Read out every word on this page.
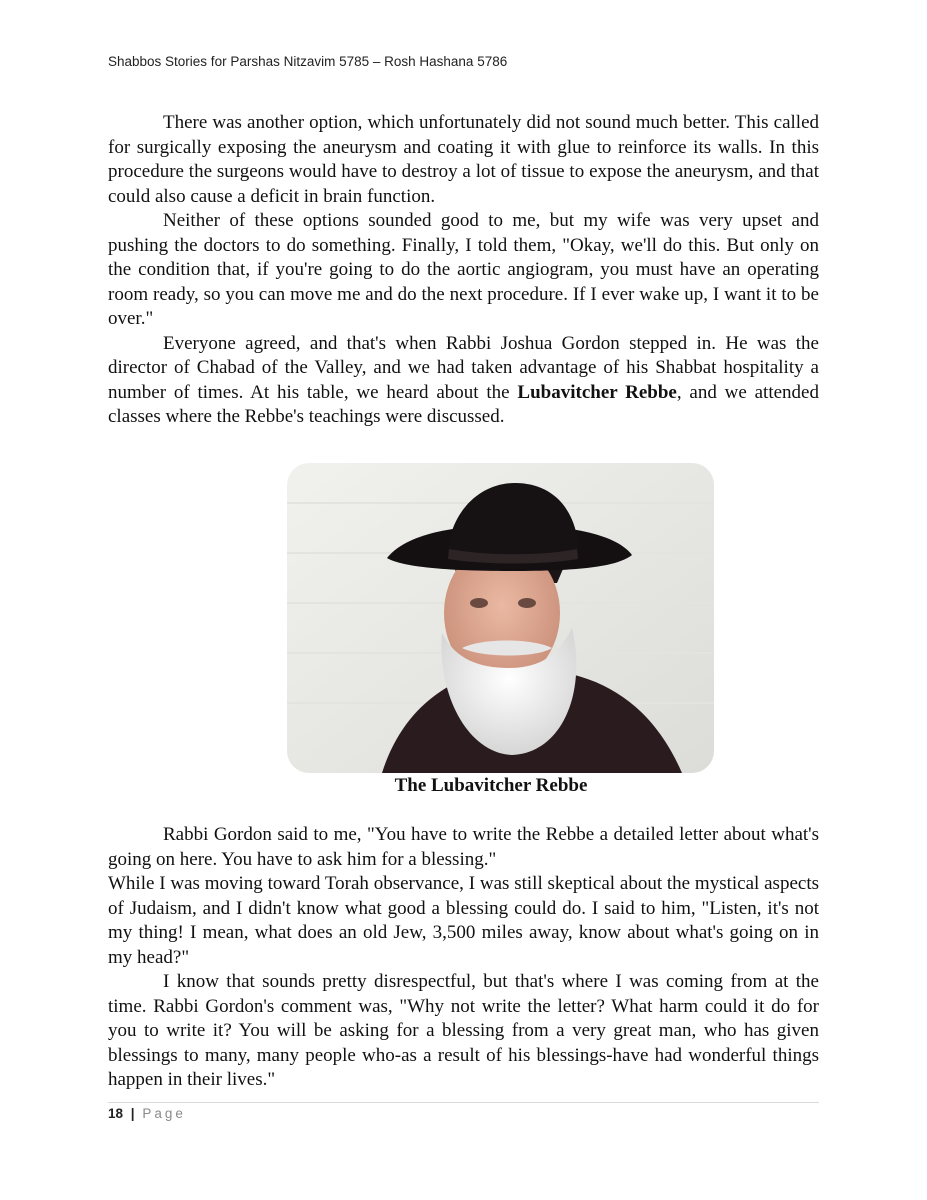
Shabbos Stories for Parshas Nitzavim 5785 – Rosh Hashana 5786

There was another option, which unfortunately did not sound much better. This called for surgically exposing the aneurysm and coating it with glue to reinforce its walls. In this procedure the surgeons would have to destroy a lot of tissue to expose the aneurysm, and that could also cause a deficit in brain function.

Neither of these options sounded good to me, but my wife was very upset and pushing the doctors to do something. Finally, I told them, "Okay, we'll do this. But only on the condition that, if you're going to do the aortic angiogram, you must have an operating room ready, so you can move me and do the next procedure. If I ever wake up, I want it to be over."

Everyone agreed, and that's when Rabbi Joshua Gordon stepped in. He was the director of Chabad of the Valley, and we had taken advantage of his Shabbat hospitality a number of times. At his table, we heard about the Lubavitcher Rebbe, and we attended classes where the Rebbe's teachings were discussed.

The Lubavitcher Rebbe

Rabbi Gordon said to me, "You have to write the Rebbe a detailed letter about what's going on here. You have to ask him for a blessing."

While I was moving toward Torah observance, I was still skeptical about the mystical aspects of Judaism, and I didn't know what good a blessing could do. I said to him, "Listen, it's not my thing! I mean, what does an old Jew, 3,500 miles away, know about what's going on in my head?"

I know that sounds pretty disrespectful, but that's where I was coming from at the time. Rabbi Gordon's comment was, "Why not write the letter? What harm could it do for you to write it? You will be asking for a blessing from a very great man, who has given blessings to many, many people who-as a result of his blessings-have had wonderful things happen in their lives."

18 | Page
